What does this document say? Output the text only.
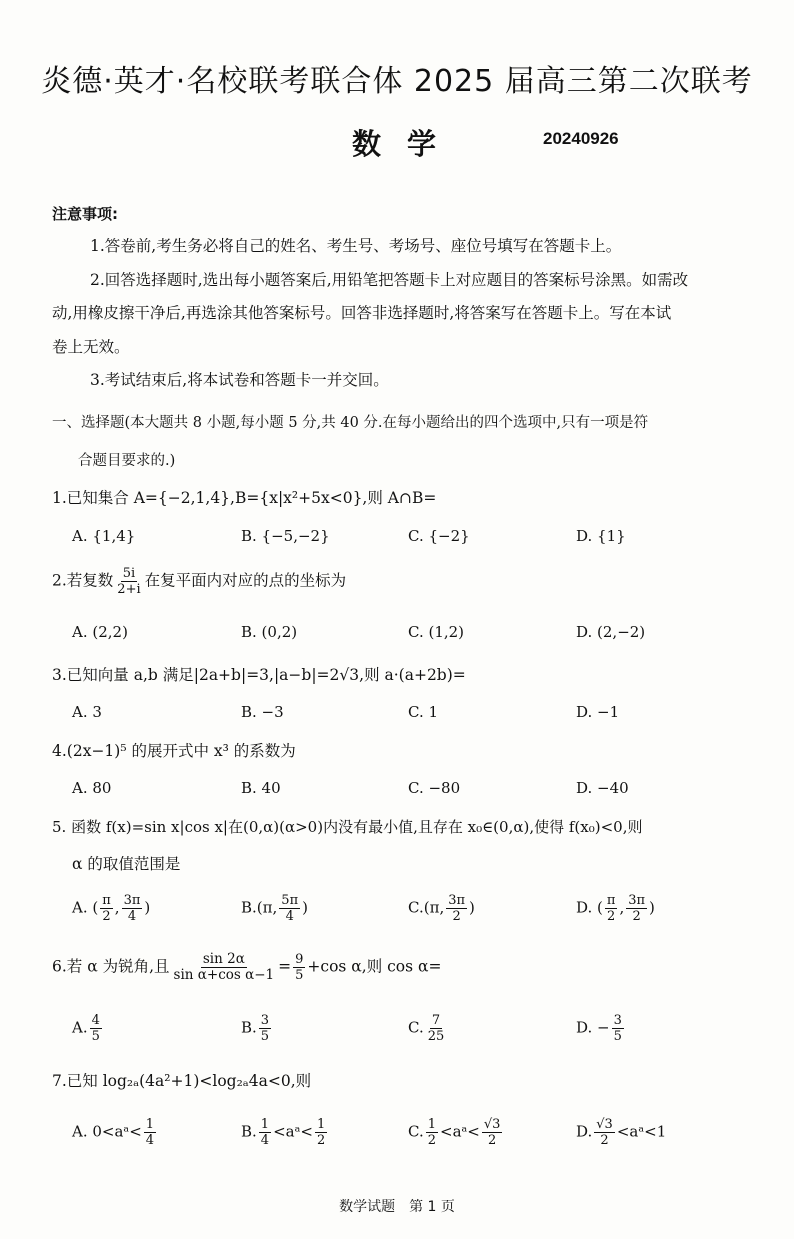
炎德·英才·名校联考联合体 2025 届高三第二次联考
数学	20240926
注意事项:
1.答卷前,考生务必将自己的姓名、考生号、考场号、座位号填写在答题卡上。
2.回答选择题时,选出每小题答案后,用铅笔把答题卡上对应题目的答案标号涂黑。如需改
动,用橡皮擦干净后,再选涂其他答案标号。回答非选择题时,将答案写在答题卡上。写在本试
卷上无效。
3.考试结束后,将本试卷和答题卡一并交回。
一、选择题(本大题共 8 小题,每小题 5 分,共 40 分.在每小题给出的四个选项中,只有一项是符
合题目要求的.)
1.已知集合 A={−2,1,4},B={x|x²+5x<0},则 A∩B=
A. {1,4}	B. {−5,−2}	C. {−2}	D. {1}
2.若复数 $\frac{5i}{2+i}$ 在复平面内对应的点的坐标为
A. (2,2)	B. (0,2)	C. (1,2)	D. (2,−2)
3.已知向量 a,b 满足|2a+b|=3,|a−b|=2√3,则 a·(a+2b)=
A. 3	B. −3	C. 1	D. −1
4.(2x−1)⁵ 的展开式中 x³ 的系数为
A. 80	B. 40	C. −80	D. −40
5. 函数 f(x)=sin x|cos x|在(0,α)(α>0)内没有最小值,且存在 x₀∈(0,α),使得 f(x₀)<0,则
α 的取值范围是
A. ( $\frac{\pi}{2}$ , $\frac{3\pi}{4}$ )	B.(π, $\frac{5\pi}{4}$ )	C.(π, $\frac{3\pi}{2}$ )	D. ( $\frac{\pi}{2}$ , $\frac{3\pi}{2}$ )
6.若 α 为锐角,且 $\frac{\sin 2\alpha}{\text{sin α+cos α−1}} = \frac{9}{5} +\cos$ α,则 cos α=
A. $\frac{4}{5}$	B. $\frac{3}{5}$	C. $\frac{7}{25}$	D. − $\frac{3}{5}$
7.已知 log₂ₐ(4a²+1)<log₂ₐ4a<0,则
A. 0<aᵃ< $\frac{1}{4}$	B. $\frac{1}{4}$ <aᵃ< $\frac{1}{2}$	C. $\frac{1}{2}$ <aᵃ< $\frac{√3}{2}$	D. $\frac{√3}{2}$ <aᵃ<1
数学试题　第 1 页
